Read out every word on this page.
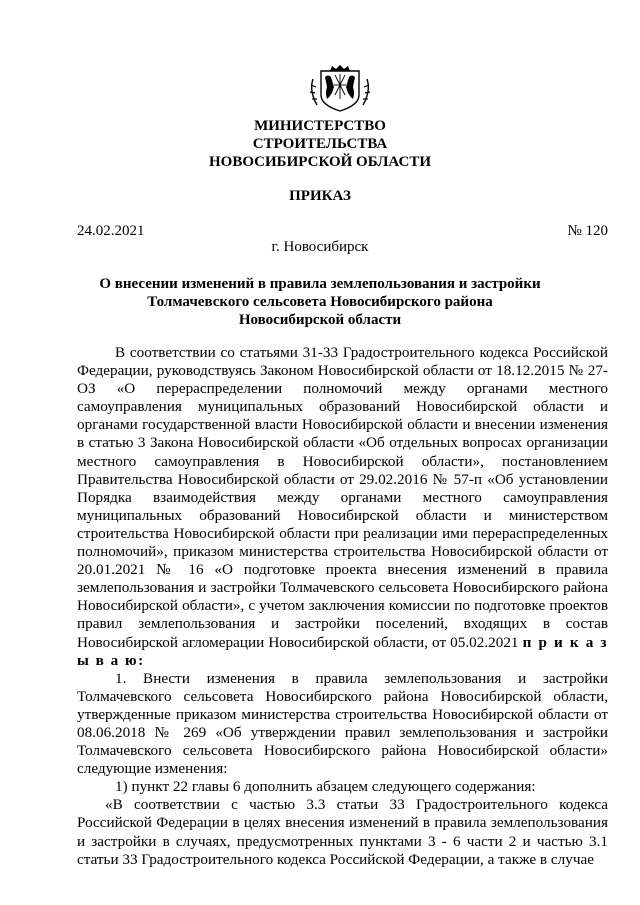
МИНИСТЕРСТВО
СТРОИТЕЛЬСТВА
НОВОСИБИРСКОЙ ОБЛАСТИ
ПРИКАЗ
24.02.2021	№ 120
г. Новосибирск
О внесении изменений в правила землепользования и застройки
Толмачевского сельсовета Новосибирского района
Новосибирской области

В соответствии со статьями 31-33 Градостроительного кодекса Российской Федерации, руководствуясь Законом Новосибирской области от 18.12.2015 № 27-ОЗ «О перераспределении полномочий между органами местного самоуправления муниципальных образований Новосибирской области и органами государственной власти Новосибирской области и внесении изменения в статью 3 Закона Новосибирской области «Об отдельных вопросах организации местного самоуправления в Новосибирской области», постановлением Правительства Новосибирской области от 29.02.2016 № 57-п «Об установлении Порядка взаимодействия между органами местного самоуправления муниципальных образований Новосибирской области и министерством строительства Новосибирской области при реализации ими перераспределенных полномочий», приказом министерства строительства Новосибирской области от 20.01.2021 № 16 «О подготовке проекта внесения изменений в правила землепользования и застройки Толмачевского сельсовета Новосибирского района Новосибирской области», с учетом заключения комиссии по подготовке проектов правил землепользования и застройки поселений, входящих в состав Новосибирской агломерации Новосибирской области, от 05.02.2021 п р и к а з ы в а ю:

1. Внести изменения в правила землепользования и застройки Толмачевского сельсовета Новосибирского района Новосибирской области, утвержденные приказом министерства строительства Новосибирской области от 08.06.2018 № 269 «Об утверждении правил землепользования и застройки Толмачевского сельсовета Новосибирского района Новосибирской области» следующие изменения:

1) пункт 22 главы 6 дополнить абзацем следующего содержания:

«В соответствии с частью 3.3 статьи 33 Градостроительного кодекса Российской Федерации в целях внесения изменений в правила землепользования и застройки в случаях, предусмотренных пунктами 3 - 6 части 2 и частью 3.1 статьи 33 Градостроительного кодекса Российской Федерации, а также в случае
